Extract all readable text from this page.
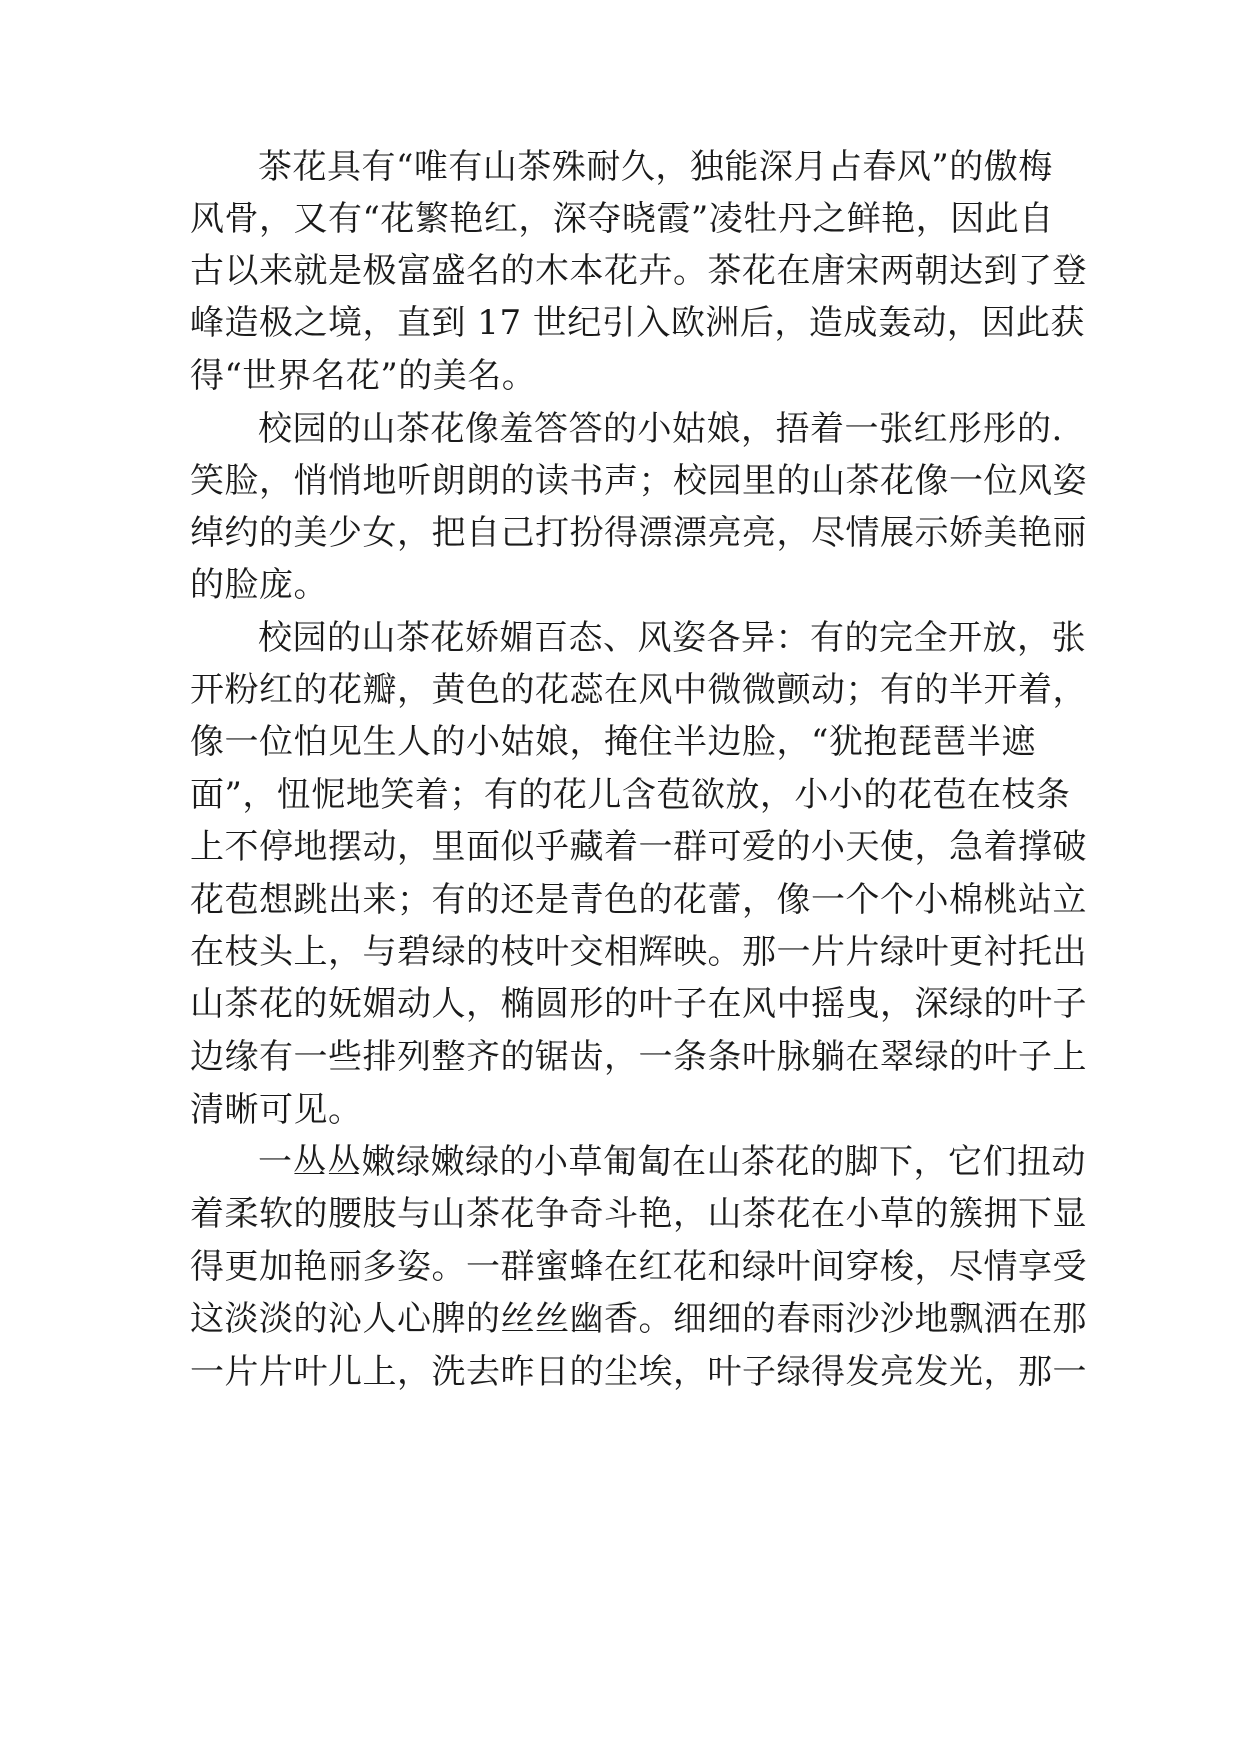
茶花具有“唯有山茶殊耐久，独能深月占春风”的傲梅
风骨，又有“花繁艳红，深夺晓霞”凌牡丹之鲜艳，因此自
古以来就是极富盛名的木本花卉。茶花在唐宋两朝达到了登
峰造极之境，直到 17 世纪引入欧洲后，造成轰动，因此获
得“世界名花”的美名。
校园的山茶花像羞答答的小姑娘，捂着一张红彤彤的.
笑脸，悄悄地听朗朗的读书声；校园里的山茶花像一位风姿
绰约的美少女，把自己打扮得漂漂亮亮，尽情展示娇美艳丽
的脸庞。
校园的山茶花娇媚百态、风姿各异：有的完全开放，张
开粉红的花瓣，黄色的花蕊在风中微微颤动；有的半开着，
像一位怕见生人的小姑娘，掩住半边脸，“犹抱琵琶半遮
面”，忸怩地笑着；有的花儿含苞欲放，小小的花苞在枝条
上不停地摆动，里面似乎藏着一群可爱的小天使，急着撑破
花苞想跳出来；有的还是青色的花蕾，像一个个小棉桃站立
在枝头上，与碧绿的枝叶交相辉映。那一片片绿叶更衬托出
山茶花的妩媚动人，椭圆形的叶子在风中摇曳，深绿的叶子
边缘有一些排列整齐的锯齿，一条条叶脉躺在翠绿的叶子上
清晰可见。
一丛丛嫩绿嫩绿的小草匍匐在山茶花的脚下，它们扭动
着柔软的腰肢与山茶花争奇斗艳，山茶花在小草的簇拥下显
得更加艳丽多姿。一群蜜蜂在红花和绿叶间穿梭，尽情享受
这淡淡的沁人心脾的丝丝幽香。细细的春雨沙沙地飘洒在那
一片片叶儿上，洗去昨日的尘埃，叶子绿得发亮发光，那一
